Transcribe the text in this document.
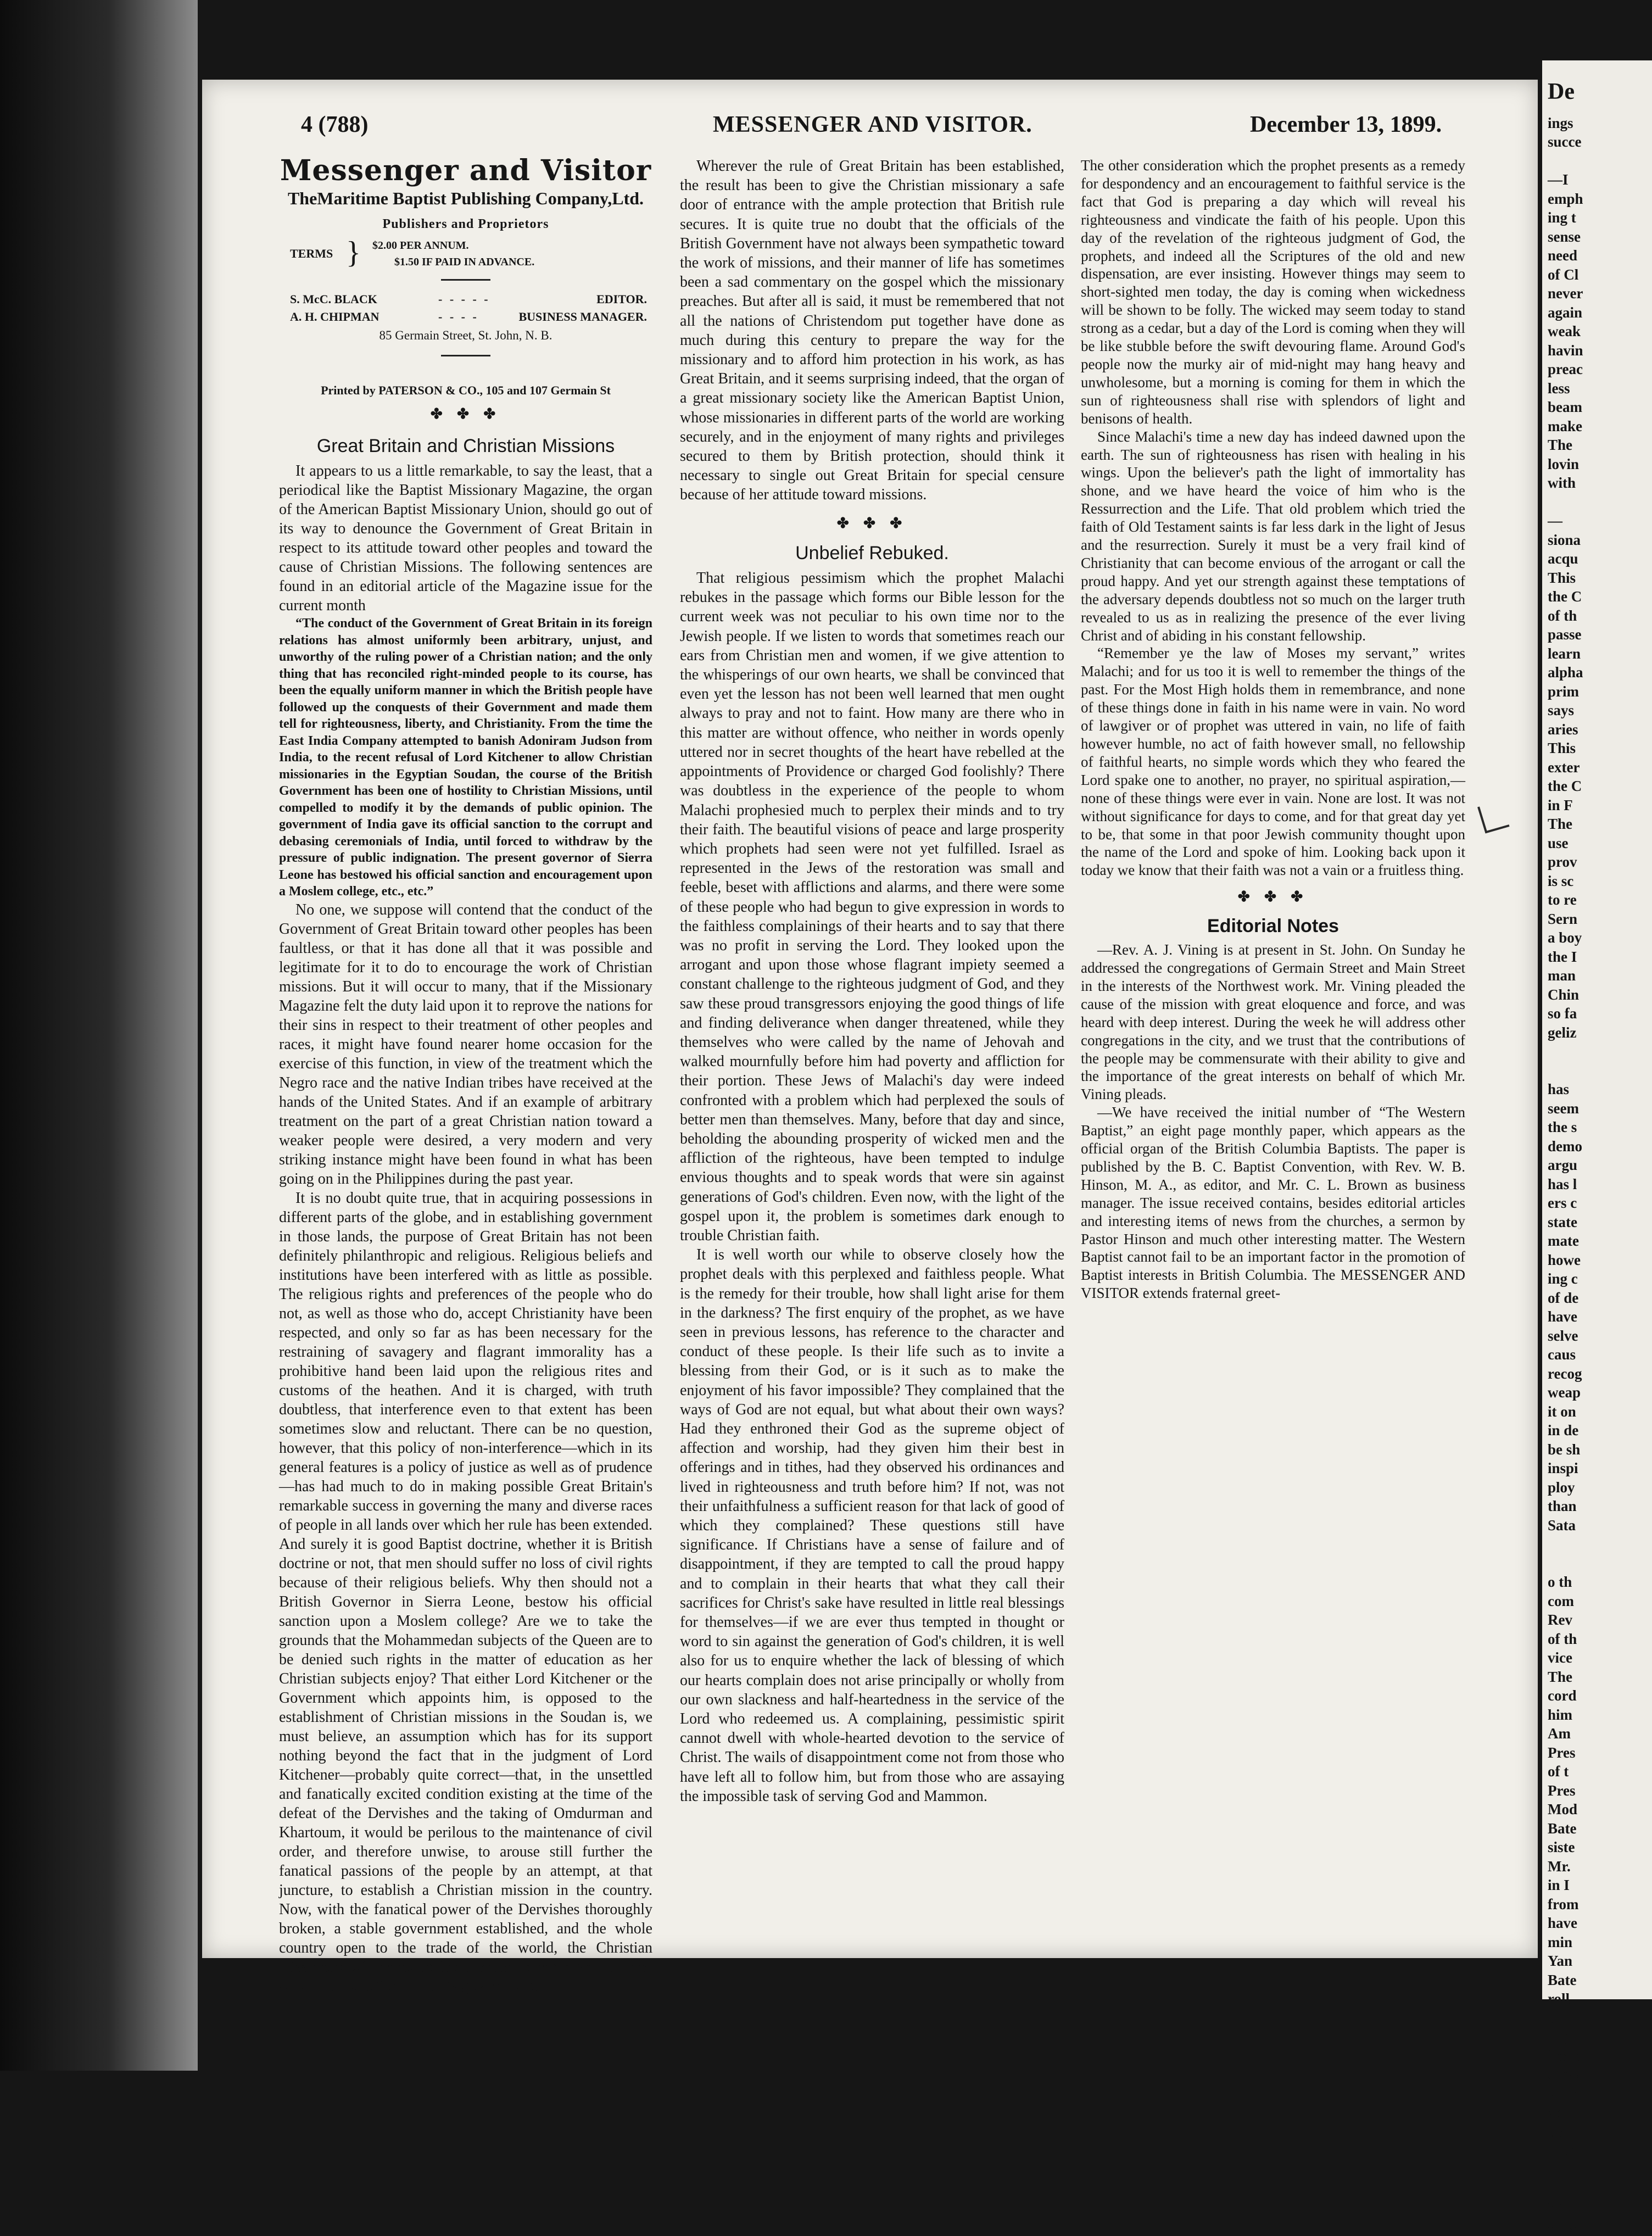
4 (788)	MESSENGER AND VISITOR.	December 13, 1899.
Messenger and Visitor
TheMaritime Baptist Publishing Company,Ltd.
Publishers and Proprietors
TERMS } $2.00 PER ANNUM.
$1.50 IF PAID IN ADVANCE.
S. McC. BLACK	- - - - -	EDITOR.
A. H. CHIPMAN	- - - -	BUSINESS MANAGER.
85 Germain Street, St. John, N. B.
Printed by PATERSON & CO., 105 and 107 Germain St
✤ ✤ ✤
Great Britain and Christian Missions

It appears to us a little remarkable, to say the least, that a periodical like the Baptist Missionary Magazine, the organ of the American Baptist Missionary Union, should go out of its way to denounce the Government of Great Britain in respect to its attitude toward other peoples and toward the cause of Christian Missions. The following sentences are found in an editorial article of the Magazine issue for the current month

“The conduct of the Government of Great Britain in its foreign relations has almost uniformly been arbitrary, unjust, and unworthy of the ruling power of a Christian nation; and the only thing that has reconciled right-minded people to its course, has been the equally uniform manner in which the British people have followed up the conquests of their Government and made them tell for righteousness, liberty, and Christianity. From the time the East India Company attempted to banish Adoniram Judson from India, to the recent refusal of Lord Kitchener to allow Christian missionaries in the Egyptian Soudan, the course of the British Government has been one of hostility to Christian Missions, until compelled to modify it by the demands of public opinion. The government of India gave its official sanction to the corrupt and debasing ceremonials of India, until forced to withdraw by the pressure of public indignation. The present governor of Sierra Leone has bestowed his official sanction and encouragement upon a Moslem college, etc., etc.”

No one, we suppose will contend that the conduct of the Government of Great Britain toward other peoples has been faultless, or that it has done all that it was possible and legitimate for it to do to encourage the work of Christian missions. But it will occur to many, that if the Missionary Magazine felt the duty laid upon it to reprove the nations for their sins in respect to their treatment of other peoples and races, it might have found nearer home occasion for the exercise of this function, in view of the treatment which the Negro race and the native Indian tribes have received at the hands of the United States. And if an example of arbitrary treatment on the part of a great Christian nation toward a weaker people were desired, a very modern and very striking instance might have been found in what has been going on in the Philippines during the past year.

It is no doubt quite true, that in acquiring possessions in different parts of the globe, and in establishing government in those lands, the purpose of Great Britain has not been definitely philanthropic and religious. Religious beliefs and institutions have been interfered with as little as possible. The religious rights and preferences of the people who do not, as well as those who do, accept Christianity have been respected, and only so far as has been necessary for the restraining of savagery and flagrant immorality has a prohibitive hand been laid upon the religious rites and customs of the heathen. And it is charged, with truth doubtless, that interference even to that extent has been sometimes slow and reluctant. There can be no question, however, that this policy of non-interference—which in its general features is a policy of justice as well as of prudence—has had much to do in making possible Great Britain's remarkable success in governing the many and diverse races of people in all lands over which her rule has been extended. And surely it is good Baptist doctrine, whether it is British doctrine or not, that men should suffer no loss of civil rights because of their religious beliefs. Why then should not a British Governor in Sierra Leone, bestow his official sanction upon a Moslem college? Are we to take the grounds that the Mohammedan subjects of the Queen are to be denied such rights in the matter of education as her Christian subjects enjoy? That either Lord Kitchener or the Government which appoints him, is opposed to the establishment of Christian missions in the Soudan is, we must believe, an assumption which has for its support nothing beyond the fact that in the judgment of Lord Kitchener—probably quite correct—that, in the unsettled and fanatically excited condition existing at the time of the defeat of the Dervishes and the taking of Omdurman and Khartoum, it would be perilous to the maintenance of civil order, and therefore unwise, to arouse still further the fanatical passions of the people by an attempt, at that juncture, to establish a Christian mission in the country. Now, with the fanatical power of the Dervishes thoroughly broken, a stable government established, and the whole country open to the trade of the world, the Christian missionary will no doubt find a welcome to the Soudan, and adequate protection under its government.

Wherever the rule of Great Britain has been established, the result has been to give the Christian missionary a safe door of entrance with the ample protection that British rule secures. It is quite true no doubt that the officials of the British Government have not always been sympathetic toward the work of missions, and their manner of life has sometimes been a sad commentary on the gospel which the missionary preaches. But after all is said, it must be remembered that not all the nations of Christendom put together have done as much during this century to prepare the way for the missionary and to afford him protection in his work, as has Great Britain, and it seems surprising indeed, that the organ of a great missionary society like the American Baptist Union, whose missionaries in different parts of the world are working securely, and in the enjoyment of many rights and privileges secured to them by British protection, should think it necessary to single out Great Britain for special censure because of her attitude toward missions.

✤ ✤ ✤
Unbelief Rebuked.

That religious pessimism which the prophet Malachi rebukes in the passage which forms our Bible lesson for the current week was not peculiar to his own time nor to the Jewish people. If we listen to words that sometimes reach our ears from Christian men and women, if we give attention to the whisperings of our own hearts, we shall be convinced that even yet the lesson has not been well learned that men ought always to pray and not to faint. How many are there who in this matter are without offence, who neither in words openly uttered nor in secret thoughts of the heart have rebelled at the appointments of Providence or charged God foolishly? There was doubtless in the experience of the people to whom Malachi prophesied much to perplex their minds and to try their faith. The beautiful visions of peace and large prosperity which prophets had seen were not yet fulfilled. Israel as represented in the Jews of the restoration was small and feeble, beset with afflictions and alarms, and there were some of these people who had begun to give expression in words to the faithless complainings of their hearts and to say that there was no profit in serving the Lord. They looked upon the arrogant and upon those whose flagrant impiety seemed a constant challenge to the righteous judgment of God, and they saw these proud transgressors enjoying the good things of life and finding deliverance when danger threatened, while they themselves who were called by the name of Jehovah and walked mournfully before him had poverty and affliction for their portion. These Jews of Malachi's day were indeed confronted with a problem which had perplexed the souls of better men than themselves. Many, before that day and since, beholding the abounding prosperity of wicked men and the affliction of the righteous, have been tempted to indulge envious thoughts and to speak words that were sin against generations of God's children. Even now, with the light of the gospel upon it, the problem is sometimes dark enough to trouble Christian faith.

It is well worth our while to observe closely how the prophet deals with this perplexed and faithless people. What is the remedy for their trouble, how shall light arise for them in the darkness? The first enquiry of the prophet, as we have seen in previous lessons, has reference to the character and conduct of these people. Is their life such as to invite a blessing from their God, or is it such as to make the enjoyment of his favor impossible? They complained that the ways of God are not equal, but what about their own ways? Had they enthroned their God as the supreme object of affection and worship, had they given him their best in offerings and in tithes, had they observed his ordinances and lived in righteousness and truth before him? If not, was not their unfaithfulness a sufficient reason for that lack of good of which they complained? These questions still have significance. If Christians have a sense of failure and of disappointment, if they are tempted to call the proud happy and to complain in their hearts that what they call their sacrifices for Christ's sake have resulted in little real blessings for themselves—if we are ever thus tempted in thought or word to sin against the generation of God's children, it is well also for us to enquire whether the lack of blessing of which our hearts complain does not arise principally or wholly from our own slackness and half-heartedness in the service of the Lord who redeemed us. A complaining, pessimistic spirit cannot dwell with whole-hearted devotion to the service of Christ. The wails of disappointment come not from those who have left all to follow him, but from those who are assaying the impossible task of serving God and Mammon.

The other consideration which the prophet presents as a remedy for despondency and an encouragement to faithful service is the fact that God is preparing a day which will reveal his righteousness and vindicate the faith of his people. Upon this day of the revelation of the righteous judgment of God, the prophets, and indeed all the Scriptures of the old and new dispensation, are ever insisting. However things may seem to short-sighted men today, the day is coming when wickedness will be shown to be folly. The wicked may seem today to stand strong as a cedar, but a day of the Lord is coming when they will be like stubble before the swift devouring flame. Around God's people now the murky air of mid-night may hang heavy and unwholesome, but a morning is coming for them in which the sun of righteousness shall rise with splendors of light and benisons of health.

Since Malachi's time a new day has indeed dawned upon the earth. The sun of righteousness has risen with healing in his wings. Upon the believer's path the light of immortality has shone, and we have heard the voice of him who is the Ressurrection and the Life. That old problem which tried the faith of Old Testament saints is far less dark in the light of Jesus and the resurrection. Surely it must be a very frail kind of Christianity that can become envious of the arrogant or call the proud happy. And yet our strength against these temptations of the adversary depends doubtless not so much on the larger truth revealed to us as in realizing the presence of the ever living Christ and of abiding in his constant fellowship.

“Remember ye the law of Moses my servant,” writes Malachi; and for us too it is well to remember the things of the past. For the Most High holds them in remembrance, and none of these things done in faith in his name were in vain. No word of lawgiver or of prophet was uttered in vain, no life of faith however humble, no act of faith however small, no fellowship of faithful hearts, no simple words which they who feared the Lord spake one to another, no prayer, no spiritual aspiration,—none of these things were ever in vain. None are lost. It was not without significance for days to come, and for that great day yet to be, that some in that poor Jewish community thought upon the name of the Lord and spoke of him. Looking back upon it today we know that their faith was not a vain or a fruitless thing.

✤ ✤ ✤
Editorial Notes

—Rev. A. J. Vining is at present in St. John. On Sunday he addressed the congregations of Germain Street and Main Street in the interests of the Northwest work. Mr. Vining pleaded the cause of the mission with great eloquence and force, and was heard with deep interest. During the week he will address other congregations in the city, and we trust that the contributions of the people may be commensurate with their ability to give and the importance of the great interests on behalf of which Mr. Vining pleads.

—We have received the initial number of “The Western Baptist,” an eight page monthly paper, which appears as the official organ of the British Columbia Baptists. The paper is published by the B. C. Baptist Convention, with Rev. W. B. Hinson, M. A., as editor, and Mr. C. L. Brown as business manager. The issue received contains, besides editorial articles and interesting items of news from the churches, a sermon by Pastor Hinson and much other interesting matter. The Western Baptist cannot fail to be an important factor in the promotion of Baptist interests in British Columbia. The MESSENGER AND VISITOR extends fraternal greet-

De
ings
succe

—I
emph
ing t
sense
need
of Cl
never
again
weak
havin
preac
less
beam
make
The
lovin
with

—
siona
acqu
This
the C
of th
passe
learn
alpha
prim
says
aries
This
exter
the C
in F
The
use
prov
is sc
to re
Sern
a boy
the I
man
Chin
so fa
geliz

has
seem
the s
demo
argu
has l
ers c
state
mate
howe
ing c
of de
have
selve
caus
recog
weap
it on
in de
be sh
inspi
ploy
than
Sata

o th
com
Rev
of th
vice
The
cord
him
Am
Pres
of t
Pres
Mod
Bate
siste
Mr.
in I
from
have
min
Yan
Bate
roll
men
ing
form
show
MES
and
the
fruit

W
sang
